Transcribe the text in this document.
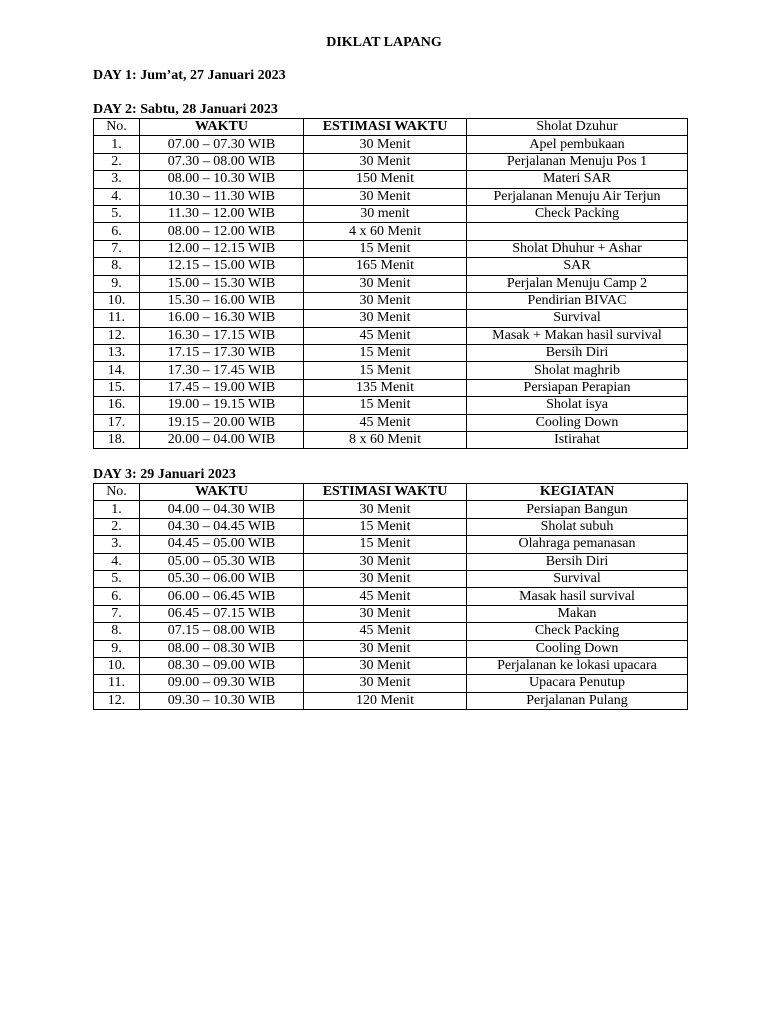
DIKLAT LAPANG
DAY 1: Jum’at, 27 Januari 2023
DAY 2: Sabtu, 28 Januari 2023
No.	WAKTU	ESTIMASI WAKTU	Sholat Dzuhur
1.	07.00 – 07.30 WIB	30 Menit	Apel pembukaan
2.	07.30 – 08.00 WIB	30 Menit	Perjalanan Menuju Pos 1
3.	08.00 – 10.30 WIB	150 Menit	Materi SAR
4.	10.30 – 11.30 WIB	30 Menit	Perjalanan Menuju Air Terjun
5.	11.30 – 12.00 WIB	30 menit	Check Packing
6.	08.00 – 12.00 WIB	4 x 60 Menit	
7.	12.00 – 12.15 WIB	15 Menit	Sholat Dhuhur + Ashar
8.	12.15 – 15.00 WIB	165 Menit	SAR
9.	15.00 – 15.30 WIB	30 Menit	Perjalan Menuju Camp 2
10.	15.30 – 16.00 WIB	30 Menit	Pendirian BIVAC
11.	16.00 – 16.30 WIB	30 Menit	Survival
12.	16.30 – 17.15 WIB	45 Menit	Masak + Makan hasil survival
13.	17.15 – 17.30 WIB	15 Menit	Bersih Diri
14.	17.30 – 17.45 WIB	15 Menit	Sholat maghrib
15.	17.45 – 19.00 WIB	135 Menit	Persiapan Perapian
16.	19.00 – 19.15 WIB	15 Menit	Sholat isya
17.	19.15 – 20.00 WIB	45 Menit	Cooling Down
18.	20.00 – 04.00 WIB	8 x 60 Menit	Istirahat
DAY 3: 29 Januari 2023
No.	WAKTU	ESTIMASI WAKTU	KEGIATAN
1.	04.00 – 04.30 WIB	30 Menit	Persiapan Bangun
2.	04.30 – 04.45 WIB	15 Menit	Sholat subuh
3.	04.45 – 05.00 WIB	15 Menit	Olahraga pemanasan
4.	05.00 – 05.30 WIB	30 Menit	Bersih Diri
5.	05.30 – 06.00 WIB	30 Menit	Survival
6.	06.00 – 06.45 WIB	45 Menit	Masak hasil survival
7.	06.45 – 07.15 WIB	30 Menit	Makan
8.	07.15 – 08.00 WIB	45 Menit	Check Packing
9.	08.00 – 08.30 WIB	30 Menit	Cooling Down
10.	08.30 – 09.00 WIB	30 Menit	Perjalanan ke lokasi upacara
11.	09.00 – 09.30 WIB	30 Menit	Upacara Penutup
12.	09.30 – 10.30 WIB	120 Menit	Perjalanan Pulang
